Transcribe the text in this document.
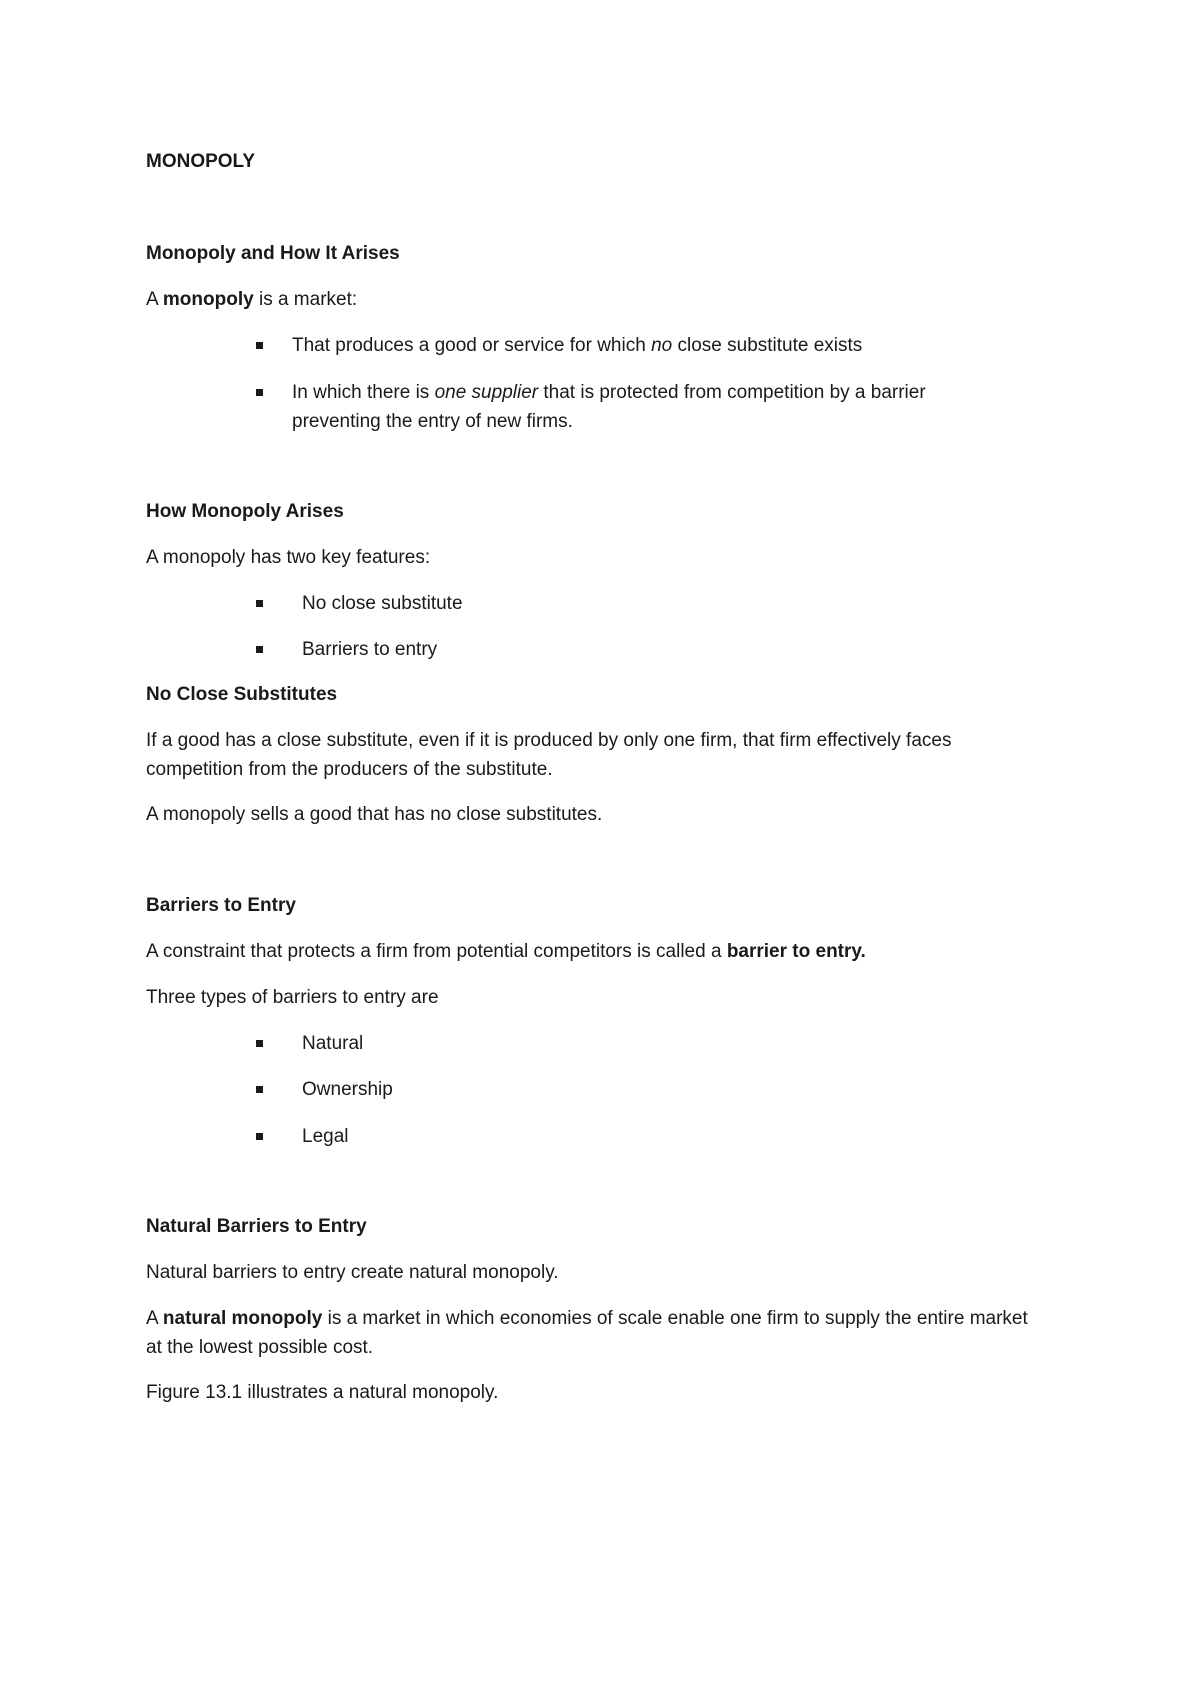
MONOPOLY

Monopoly and How It Arises

A monopoly is a market:

That produces a good or service for which no close substitute exists
In which there is one supplier that is protected from competition by a barrier preventing the entry of new firms.

How Monopoly Arises

A monopoly has two key features:

No close substitute
Barriers to entry

No Close Substitutes

If a good has a close substitute, even if it is produced by only one firm, that firm effectively faces competition from the producers of the substitute.

A monopoly sells a good that has no close substitutes.

Barriers to Entry

A constraint that protects a firm from potential competitors is called a barrier to entry.

Three types of barriers to entry are

Natural
Ownership
Legal

Natural Barriers to Entry

Natural barriers to entry create natural monopoly.

A natural monopoly is a market in which economies of scale enable one firm to supply the entire market at the lowest possible cost.

Figure 13.1 illustrates a natural monopoly.
